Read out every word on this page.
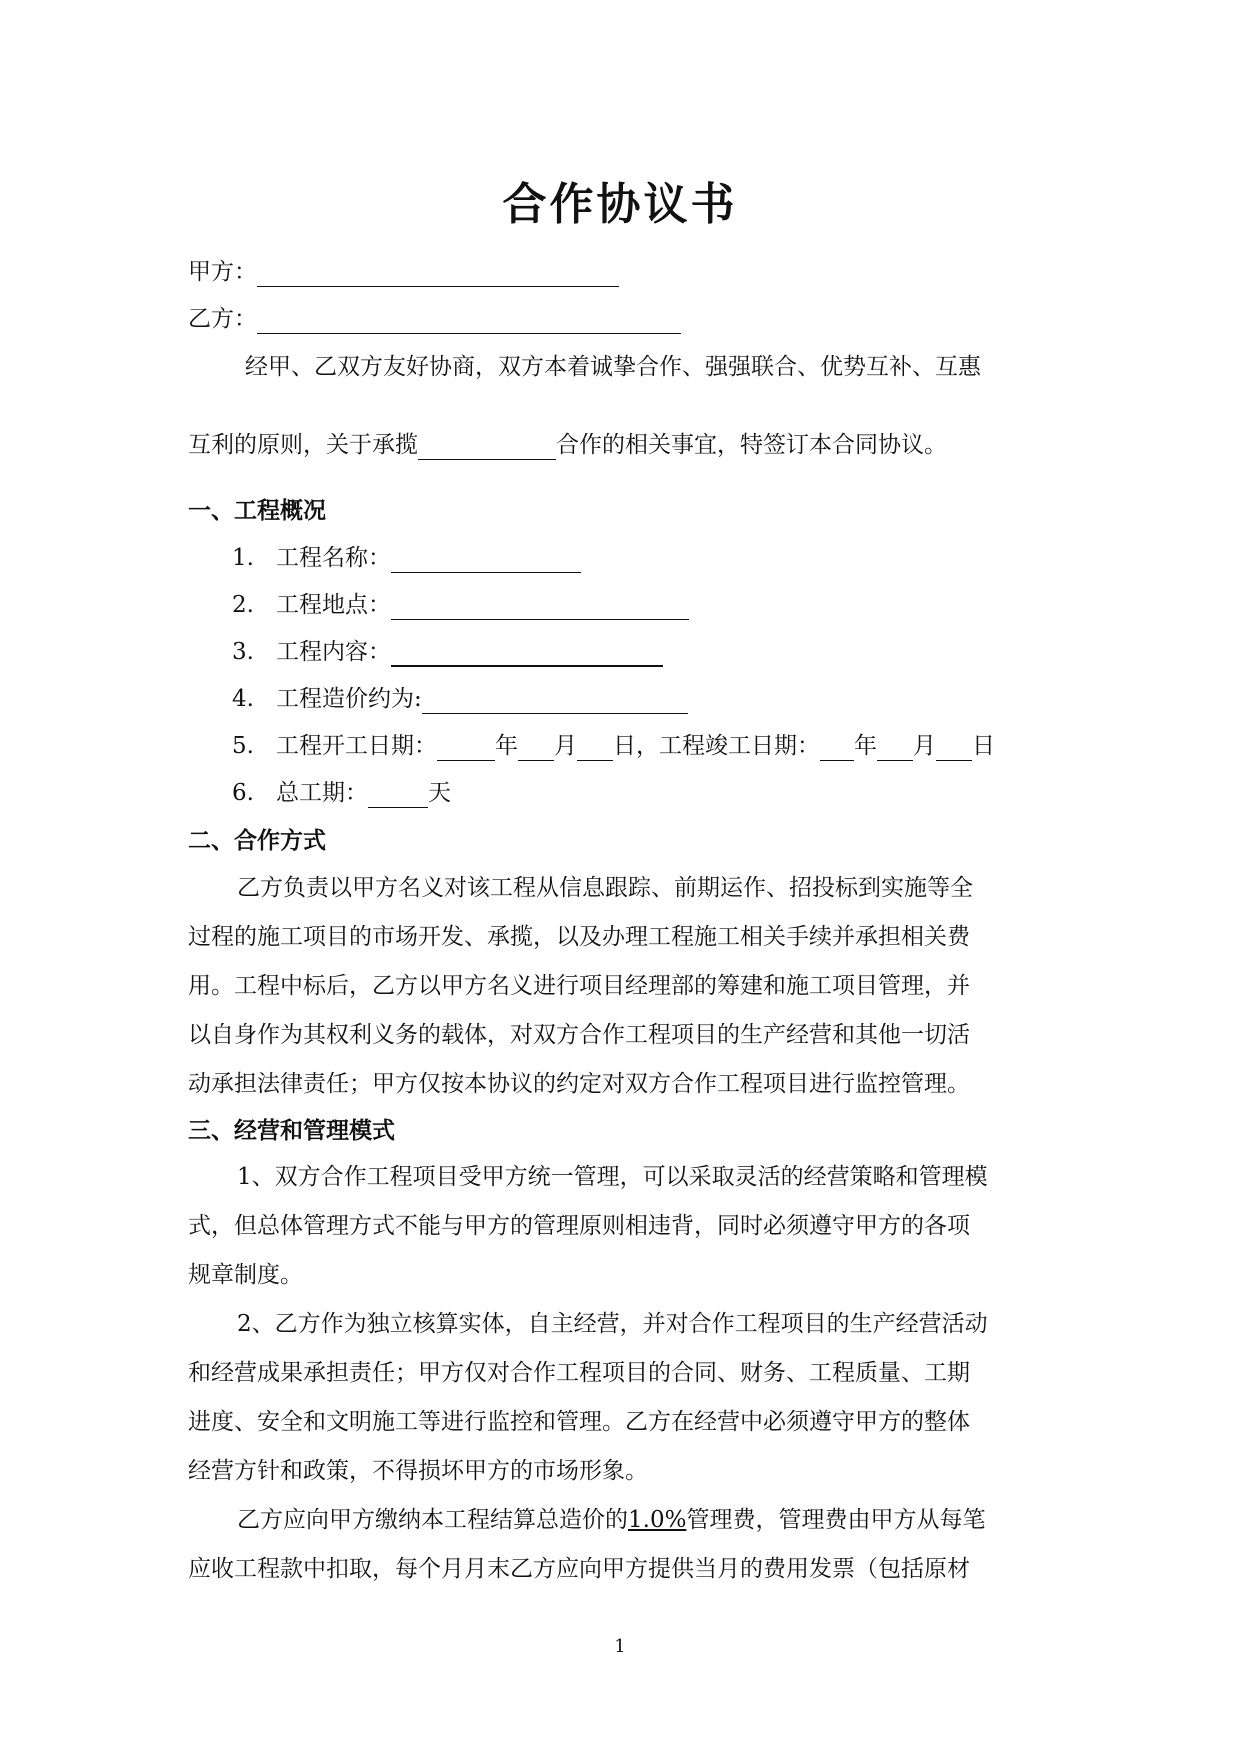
合作协议书
甲方：
乙方：
经甲、乙双方友好协商，双方本着诚挚合作、强强联合、优势互补、互惠
互利的原则，关于承揽	合作的相关事宜，特签订本合同协议。
一、工程概况
1. 工程名称：
2. 工程地点：
3. 工程内容：
4. 工程造价约为:
5. 工程开工日期：	年 月 日，工程竣工日期： 年 月 日
6. 总工期：	天
二、合作方式
乙方负责以甲方名义对该工程从信息跟踪、前期运作、招投标到实施等全
过程的施工项目的市场开发、承揽，以及办理工程施工相关手续并承担相关费
用。工程中标后，乙方以甲方名义进行项目经理部的筹建和施工项目管理，并
以自身作为其权利义务的载体，对双方合作工程项目的生产经营和其他一切活
动承担法律责任；甲方仅按本协议的约定对双方合作工程项目进行监控管理。
三、经营和管理模式
1、双方合作工程项目受甲方统一管理，可以采取灵活的经营策略和管理模
式，但总体管理方式不能与甲方的管理原则相违背，同时必须遵守甲方的各项
规章制度。
2、乙方作为独立核算实体，自主经营，并对合作工程项目的生产经营活动
和经营成果承担责任；甲方仅对合作工程项目的合同、财务、工程质量、工期
进度、安全和文明施工等进行监控和管理。乙方在经营中必须遵守甲方的整体
经营方针和政策，不得损坏甲方的市场形象。
乙方应向甲方缴纳本工程结算总造价的1.0%管理费，管理费由甲方从每笔
应收工程款中扣取，每个月月末乙方应向甲方提供当月的费用发票（包括原材
1
